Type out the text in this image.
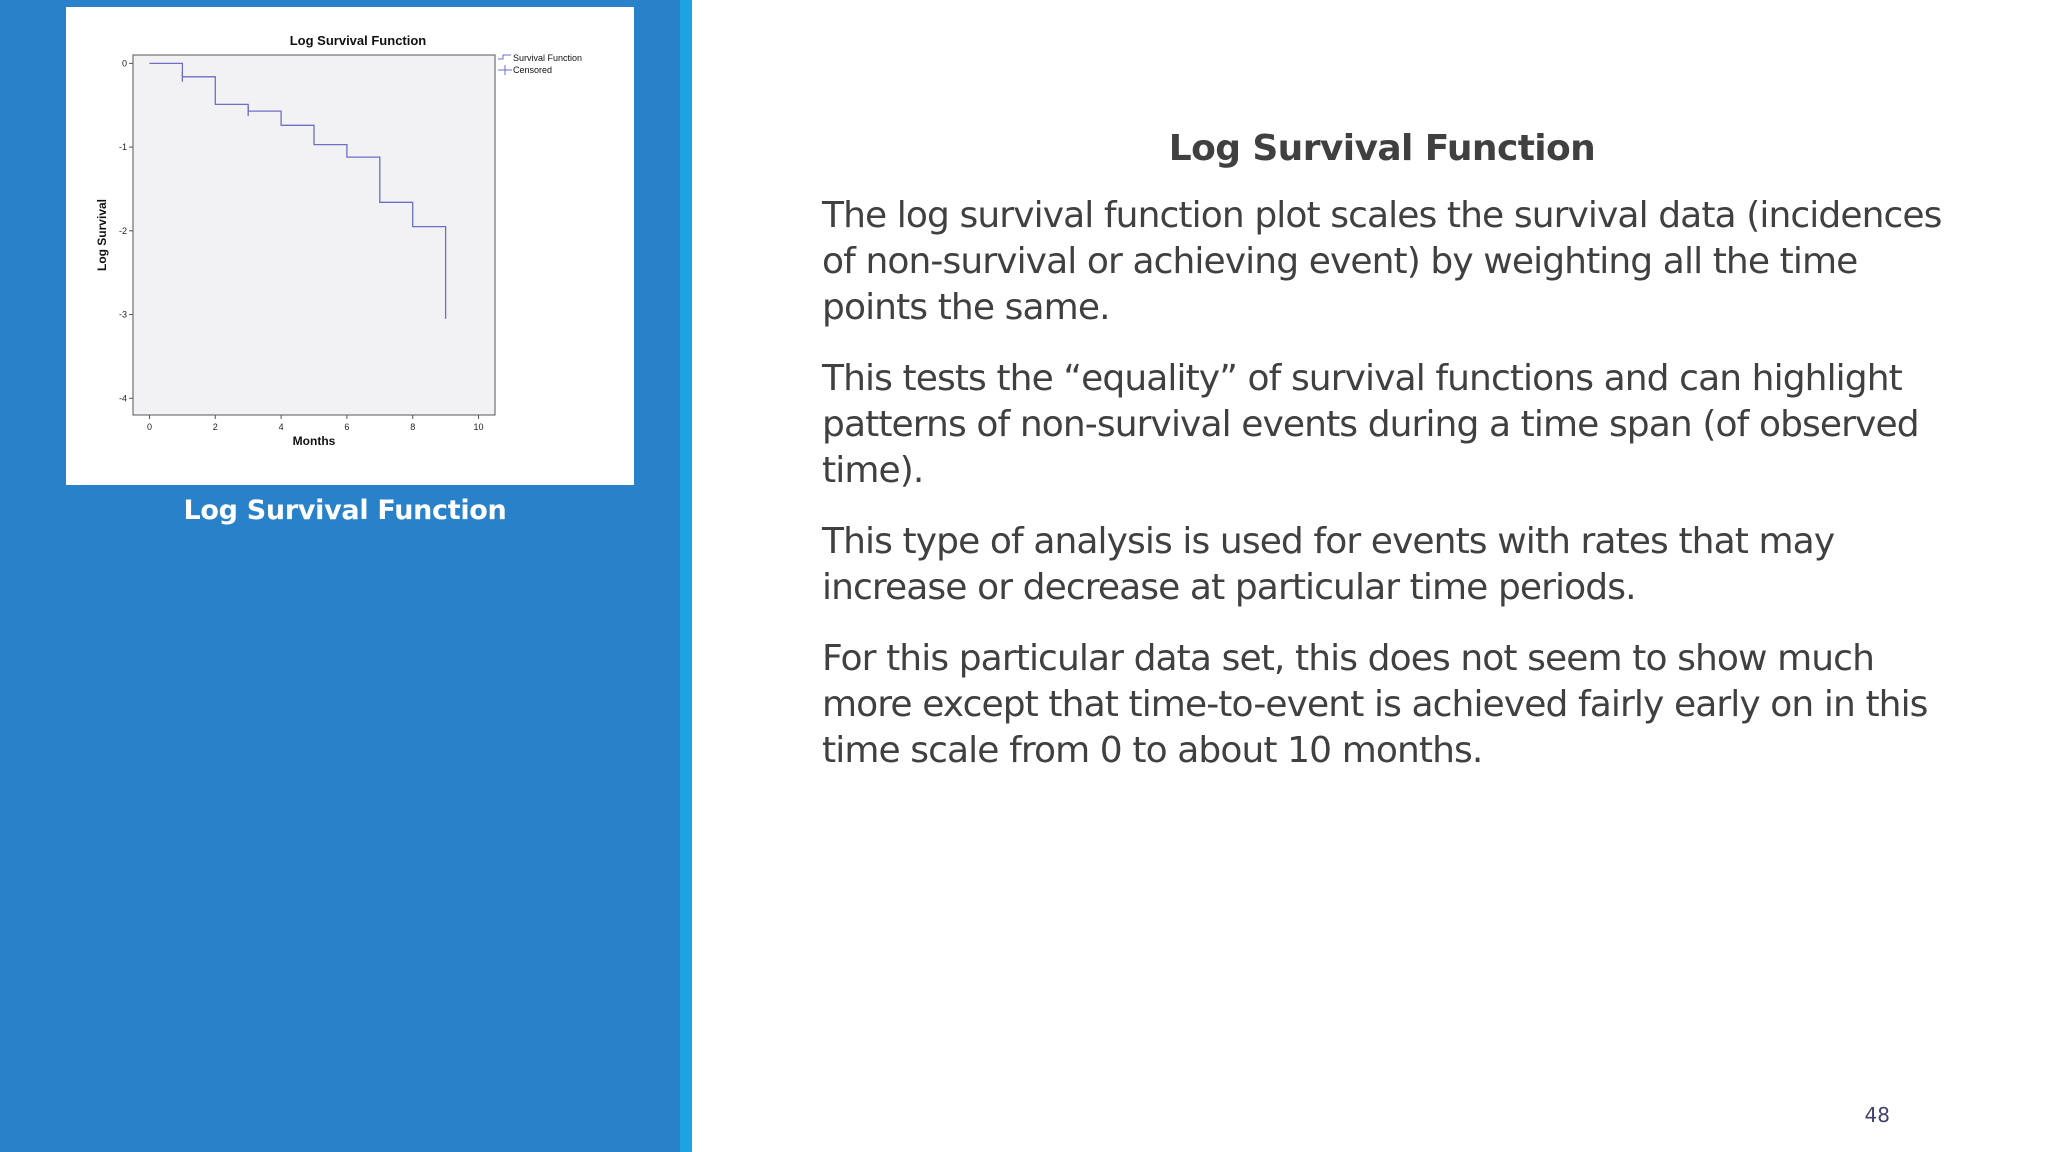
0	2	4	6	8	10
0
-1
-2
-3
-4
Log Survival Function
Months
Log Survival
Survival Function
Censored
Log Survival Function
Log Survival Function

The log survival function plot scales the survival data (incidences of non-survival or achieving event) by weighting all the time points the same.

This tests the “equality” of survival functions and can highlight patterns of non-survival events during a time span (of observed time).

This type of analysis is used for events with rates that may increase or decrease at particular time periods.

For this particular data set, this does not seem to show much more except that time-to-event is achieved fairly early on in this time scale from 0 to about 10 months.

48
